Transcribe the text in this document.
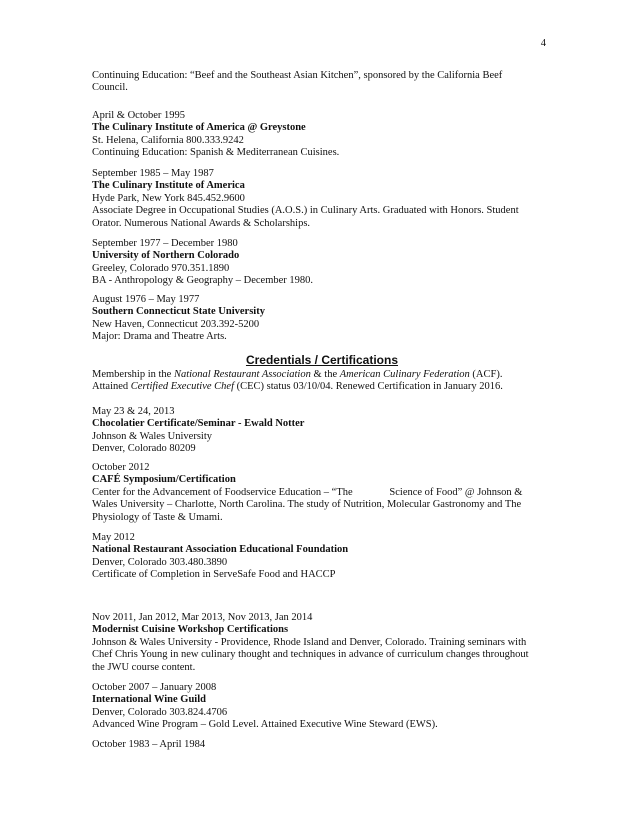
4

Continuing Education: “Beef and the Southeast Asian Kitchen”, sponsored by the California Beef

Council.

April & October 1995

The Culinary Institute of America @ Greystone

St. Helena, California 800.333.9242

Continuing Education: Spanish & Mediterranean Cuisines.

September 1985 – May 1987

The Culinary Institute of America

Hyde Park, New York 845.452.9600

Associate Degree in Occupational Studies (A.O.S.) in Culinary Arts. Graduated with Honors. Student

Orator. Numerous National Awards & Scholarships.

September 1977 – December 1980

University of Northern Colorado

Greeley, Colorado 970.351.1890

BA - Anthropology & Geography – December 1980.

August 1976 – May 1977

Southern Connecticut State University

New Haven, Connecticut 203.392-5200

Major: Drama and Theatre Arts.

Credentials / Certifications

Membership in the National Restaurant Association & the American Culinary Federation (ACF).

Attained Certified Executive Chef (CEC) status 03/10/04. Renewed Certification in January 2016.

May 23 & 24, 2013

Chocolatier Certificate/Seminar - Ewald Notter

Johnson & Wales University

Denver, Colorado 80209

October 2012

CAFÉ Symposium/Certification

Center for the Advancement of Foodservice Education – “The              Science of Food” @ Johnson &

Wales University – Charlotte, North Carolina. The study of Nutrition, Molecular Gastronomy and The

Physiology of Taste & Umami.

May 2012

National Restaurant Association Educational Foundation

Denver, Colorado 303.480.3890

Certificate of Completion in ServeSafe Food and HACCP

Nov 2011, Jan 2012, Mar 2013, Nov 2013, Jan 2014

Modernist Cuisine Workshop Certifications

Johnson & Wales University - Providence, Rhode Island and Denver, Colorado. Training seminars with

Chef Chris Young in new culinary thought and techniques in advance of curriculum changes throughout

the JWU course content.

October 2007 – January 2008

International Wine Guild

Denver, Colorado 303.824.4706

Advanced Wine Program – Gold Level. Attained Executive Wine Steward (EWS).

October 1983 – April 1984
